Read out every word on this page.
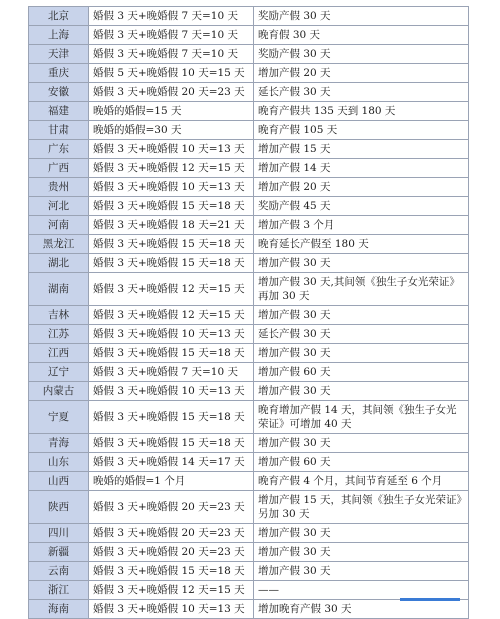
北京	婚假 3 天+晚婚假 7 天=10 天	奖励产假 30 天
上海	婚假 3 天+晚婚假 7 天=10 天	晚育假 30 天
天津	婚假 3 天+晚婚假 7 天=10 天	奖励产假 30 天
重庆	婚假 5 天+晚婚假 10 天=15 天	增加产假 20 天
安徽	婚假 3 天+晚婚假 20 天=23 天	延长产假 30 天
福建	晚婚的婚假=15 天	晚育产假共 135 天到 180 天
甘肃	晚婚的婚假=30 天	晚育产假 105 天
广东	婚假 3 天+晚婚假 10 天=13 天	增加产假 15 天
广西	婚假 3 天+晚婚假 12 天=15 天	增加产假 14 天
贵州	婚假 3 天+晚婚假 10 天=13 天	增加产假 20 天
河北	婚假 3 天+晚婚假 15 天=18 天	奖励产假 45 天
河南	婚假 3 天+晚婚假 18 天=21 天	增加产假 3 个月
黑龙江	婚假 3 天+晚婚假 15 天=18 天	晚育延长产假至 180 天
湖北	婚假 3 天+晚婚假 15 天=18 天	增加产假 30 天
湖南	婚假 3 天+晚婚假 12 天=15 天	增加产假 30 天,其间领《独生子女光荣证》再加 30 天
吉林	婚假 3 天+晚婚假 12 天=15 天	增加产假 30 天
江苏	婚假 3 天+晚婚假 10 天=13 天	延长产假 30 天
江西	婚假 3 天+晚婚假 15 天=18 天	增加产假 30 天
辽宁	婚假 3 天+晚婚假 7 天=10 天	增加产假 60 天
内蒙古	婚假 3 天+晚婚假 10 天=13 天	增加产假 30 天
宁夏	婚假 3 天+晚婚假 15 天=18 天	晚育增加产假 14 天，其间领《独生子女光荣证》可增加 40 天
青海	婚假 3 天+晚婚假 15 天=18 天	增加产假 30 天
山东	婚假 3 天+晚婚假 14 天=17 天	增加产假 60 天
山西	晚婚的婚假=1 个月	晚育产假 4 个月，其间节育延至 6 个月
陕西	婚假 3 天+晚婚假 20 天=23 天	增加产假 15 天，其间领《独生子女光荣证》另加 30 天
四川	婚假 3 天+晚婚假 20 天=23 天	增加产假 30 天
新疆	婚假 3 天+晚婚假 20 天=23 天	增加产假 30 天
云南	婚假 3 天+晚婚假 15 天=18 天	增加产假 30 天
浙江	婚假 3 天+晚婚假 12 天=15 天	——
海南	婚假 3 天+晚婚假 10 天=13 天	增加晚育产假 30 天
